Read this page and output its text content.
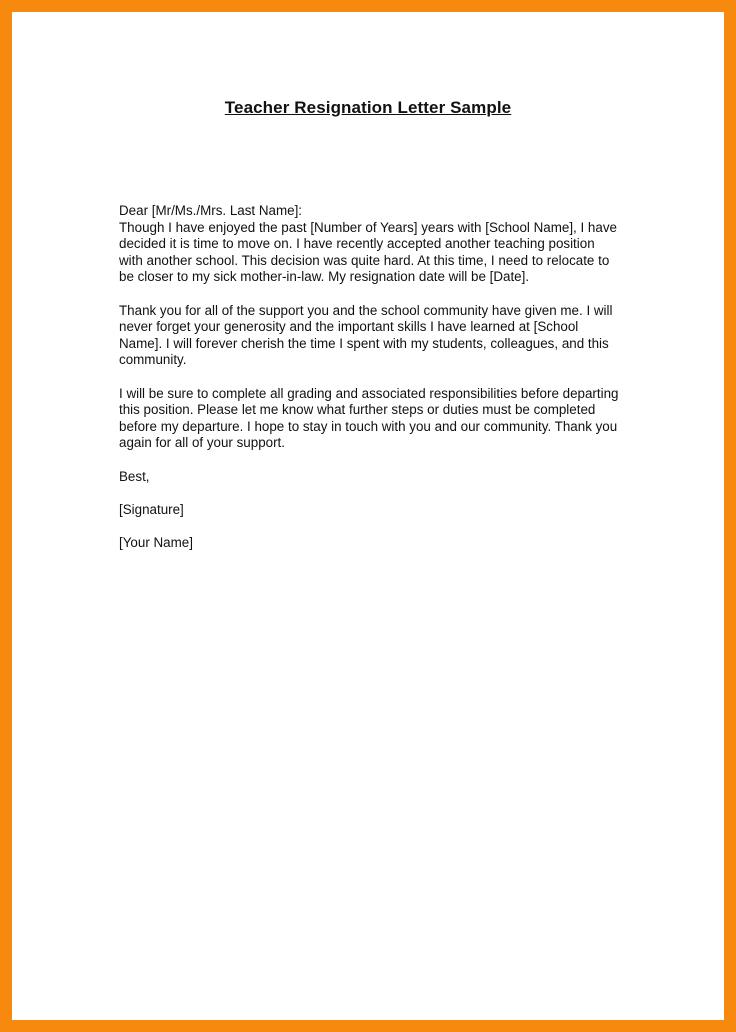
Teacher Resignation Letter Sample

Dear [Mr/Ms./Mrs. Last Name]:

Though I have enjoyed the past [Number of Years] years with [School Name], I have decided it is time to move on. I have recently accepted another teaching position with another school. This decision was quite hard. At this time, I need to relocate to be closer to my sick mother-in-law. My resignation date will be [Date].

Thank you for all of the support you and the school community have given me. I will never forget your generosity and the important skills I have learned at [School Name]. I will forever cherish the time I spent with my students, colleagues, and this community.

I will be sure to complete all grading and associated responsibilities before departing this position. Please let me know what further steps or duties must be completed before my departure. I hope to stay in touch with you and our community. Thank you again for all of your support.

Best,

[Signature]

[Your Name]
